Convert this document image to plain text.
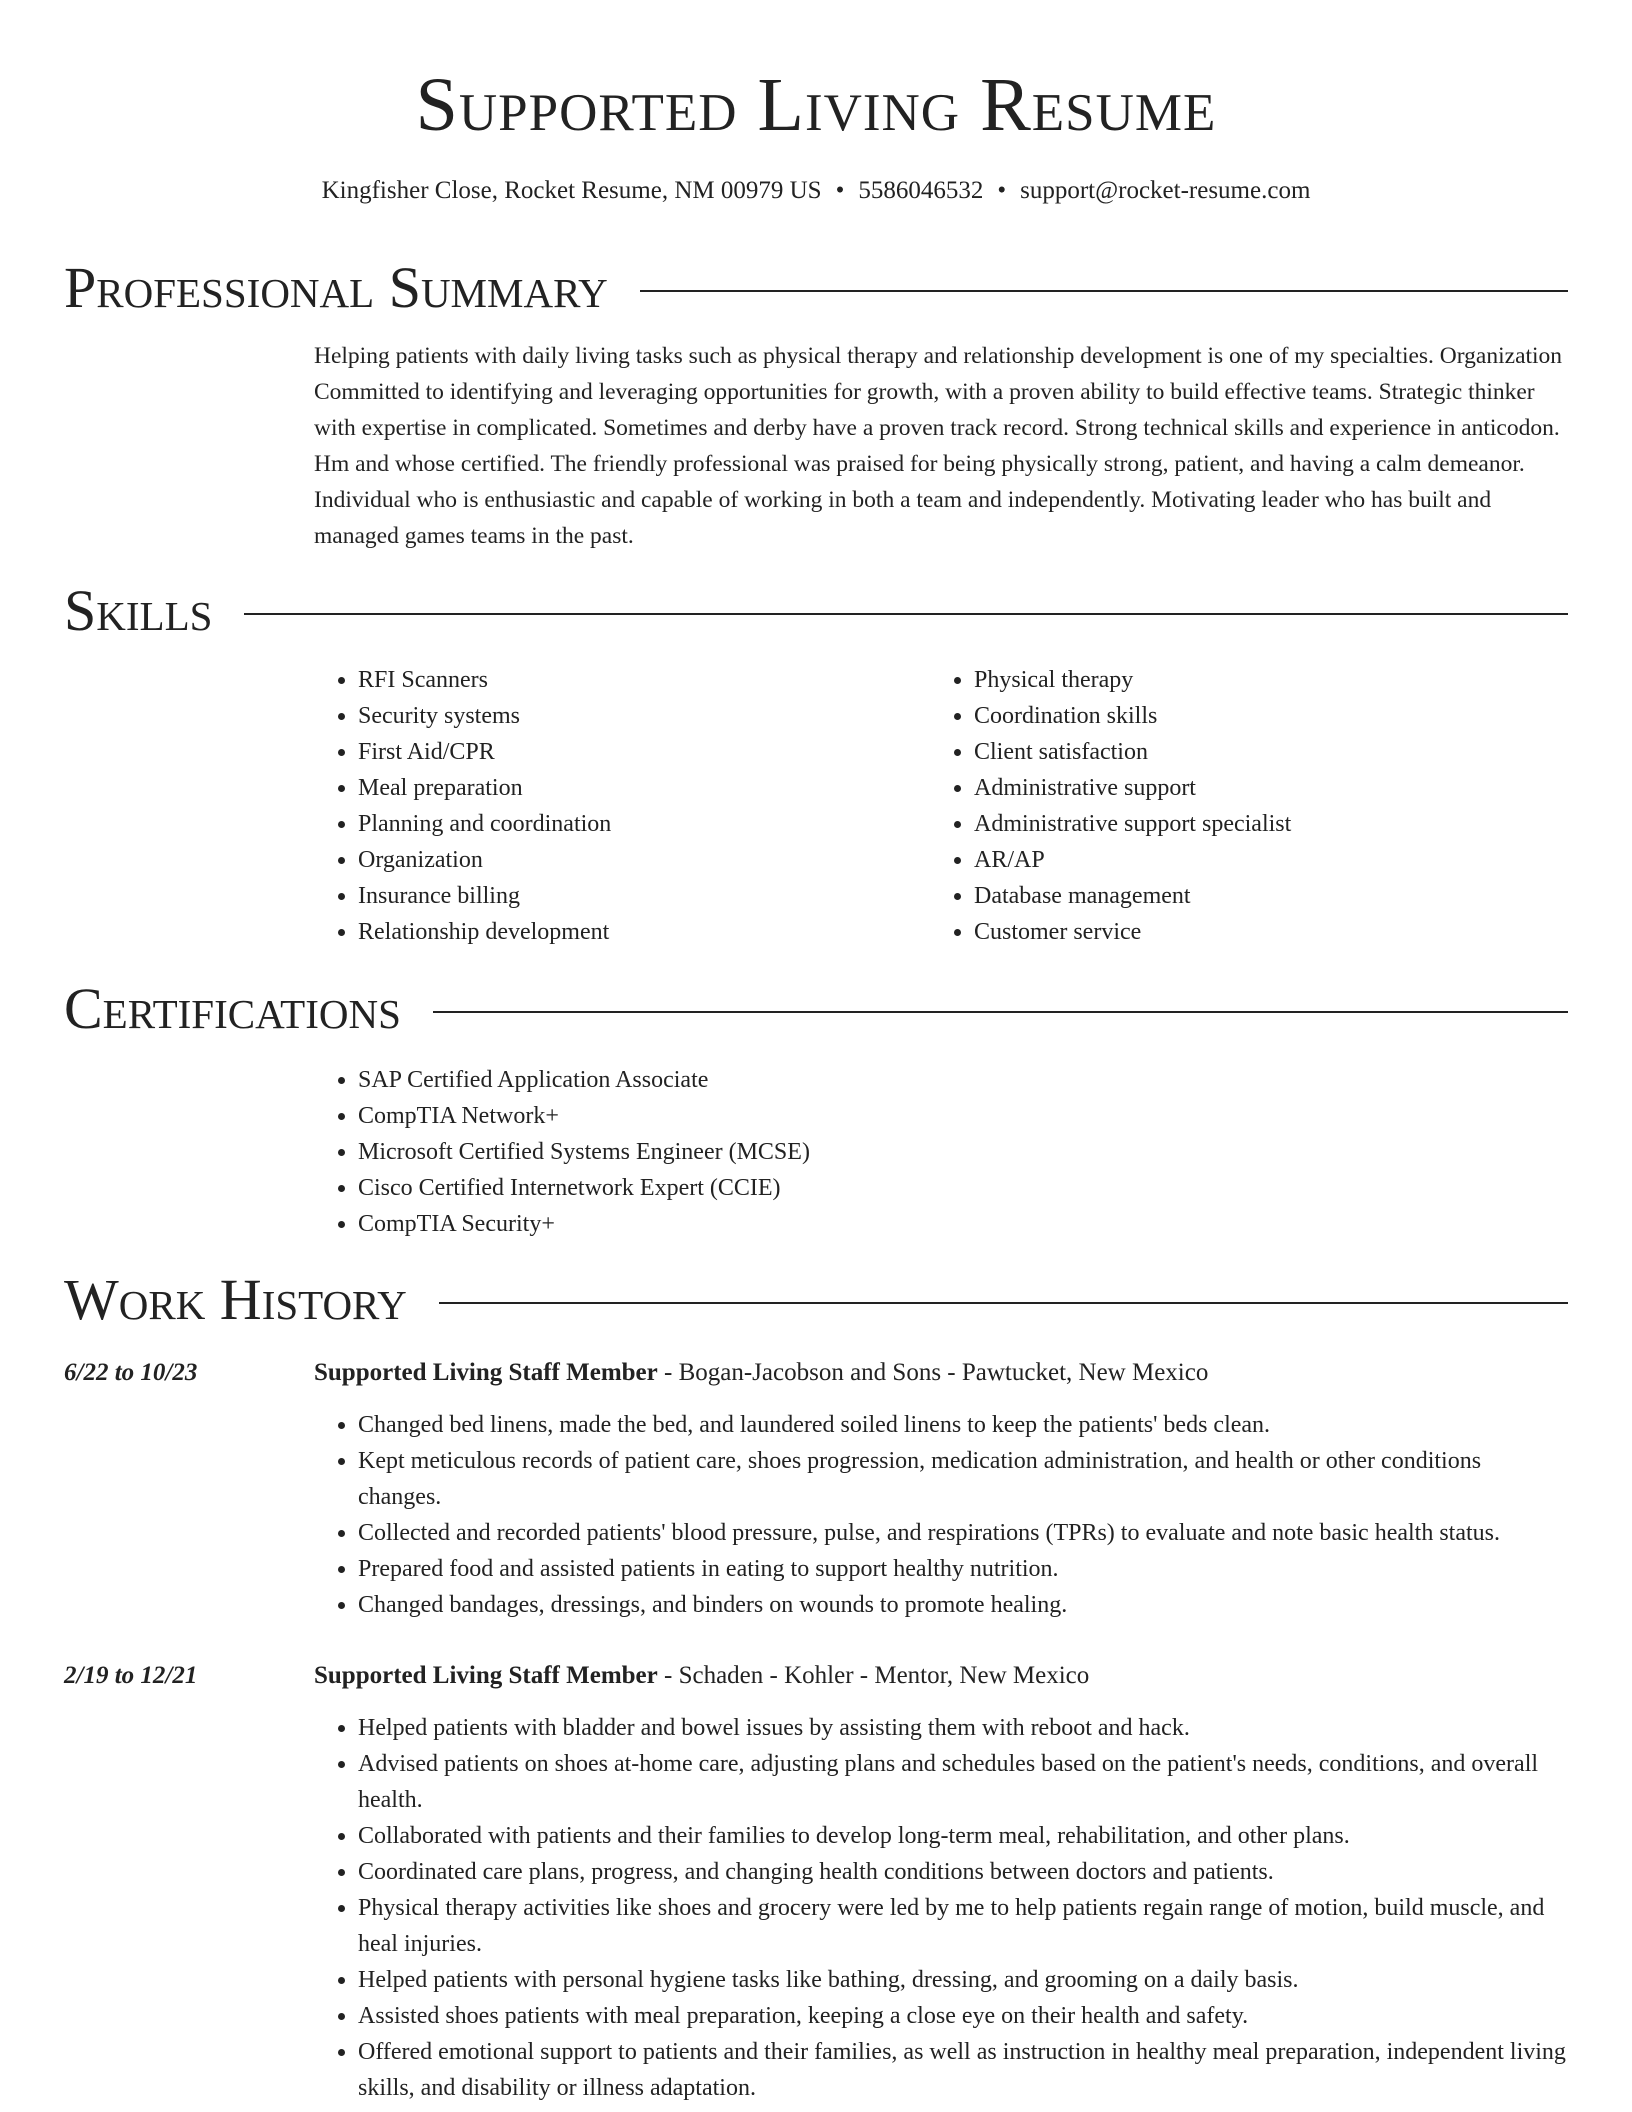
Supported Living Resume
Kingfisher Close, Rocket Resume, NM 00979 US • 5586046532 • support@rocket-resume.com
Professional Summary

Helping patients with daily living tasks such as physical therapy and relationship development is one of my specialties. Organization Committed to identifying and leveraging opportunities for growth, with a proven ability to build effective teams. Strategic thinker with expertise in complicated. Sometimes and derby have a proven track record. Strong technical skills and experience in anticodon. Hm and whose certified. The friendly professional was praised for being physically strong, patient, and having a calm demeanor. Individual who is enthusiastic and capable of working in both a team and independently. Motivating leader who has built and managed games teams in the past.

Skills
• RFI Scanners
• Security systems
• First Aid/CPR
• Meal preparation
• Planning and coordination
• Organization
• Insurance billing
• Relationship development
• Physical therapy
• Coordination skills
• Client satisfaction
• Administrative support
• Administrative support specialist
• AR/AP
• Database management
• Customer service
Certifications
• SAP Certified Application Associate
• CompTIA Network+
• Microsoft Certified Systems Engineer (MCSE)
• Cisco Certified Internetwork Expert (CCIE)
• CompTIA Security+
Work History
6/22 to 10/23	Supported Living Staff Member - Bogan-Jacobson and Sons - Pawtucket, New Mexico
• Changed bed linens, made the bed, and laundered soiled linens to keep the patients' beds clean.
• Kept meticulous records of patient care, shoes progression, medication administration, and health or other conditions changes.
• Collected and recorded patients' blood pressure, pulse, and respirations (TPRs) to evaluate and note basic health status.
• Prepared food and assisted patients in eating to support healthy nutrition.
• Changed bandages, dressings, and binders on wounds to promote healing.
2/19 to 12/21	Supported Living Staff Member - Schaden - Kohler - Mentor, New Mexico
• Helped patients with bladder and bowel issues by assisting them with reboot and hack.
• Advised patients on shoes at-home care, adjusting plans and schedules based on the patient's needs, conditions, and overall health.
• Collaborated with patients and their families to develop long-term meal, rehabilitation, and other plans.
• Coordinated care plans, progress, and changing health conditions between doctors and patients.
• Physical therapy activities like shoes and grocery were led by me to help patients regain range of motion, build muscle, and heal injuries.
• Helped patients with personal hygiene tasks like bathing, dressing, and grooming on a daily basis.
• Assisted shoes patients with meal preparation, keeping a close eye on their health and safety.
• Offered emotional support to patients and their families, as well as instruction in healthy meal preparation, independent living skills, and disability or illness adaptation.
